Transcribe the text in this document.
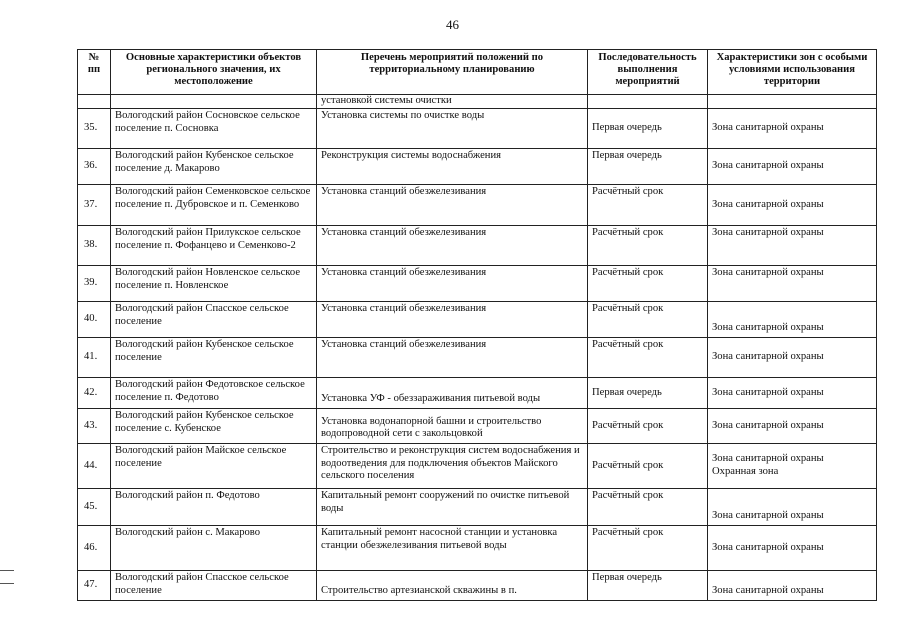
46
№ пп	Основные характеристики объектов регионального значения, их местоположение	Перечень мероприятий положений по территориальному планированию	Последовательность выполнения мероприятий	Характеристики зон с особыми условиями использования территории
		установкой системы очистки		
35.	Вологодский район Сосновское сельское поселение п. Сосновка	Установка системы по очистке воды	Первая очередь	Зона санитарной охраны

36.	Вологодский район Кубенское сельское поселение д. Макарово	Реконструкция системы водоснабжения	Первая очередь	Зона санитарной охраны

37.	Вологодский район Семенковское сельское поселение п. Дубровское и п. Семенково	Установка станций обезжелезивания	Расчётный срок	Зона санитарной охраны

38.	Вологодский район Прилукское сельское поселение п. Фофанцево и Семенково-2	Установка станций обезжелезивания	Расчётный срок	Зона санитарной охраны

39.	Вологодский район Новленское сельское поселение п. Новленское	Установка станций обезжелезивания	Расчётный срок	Зона санитарной охраны

40.	Вологодский район Спасское сельское поселение	Установка станций обезжелезивания	Расчётный срок	Зона санитарной охраны

41.	Вологодский район Кубенское сельское поселение	Установка станций обезжелезивания	Расчётный срок	Зона санитарной охраны

42.	Вологодский район Федотовское сельское поселение п. Федотово	Установка УФ - обеззараживания питьевой воды	Первая очередь	Зона санитарной охраны

43.	Вологодский район Кубенское сельское поселение с. Кубенское	Установка водонапорной башни и строительство водопроводной сети с закольцовкой	Расчётный срок	Зона санитарной охраны

44.	Вологодский район Майское сельское поселение	Строительство и реконструкция систем водоснабжения и водоотведения для подключения объектов Майского сельского поселения	Расчётный срок	Зона санитарной охраны
Охранная зона

45.	Вологодский район п. Федотово	Капитальный ремонт сооружений по очистке питьевой воды	Расчётный срок	Зона санитарной охраны

46.	Вологодский район с. Макарово	Капитальный ремонт насосной станции и установка станции обезжелезивания питьевой воды	Расчётный срок	Зона санитарной охраны

47.	Вологодский район Спасское сельское поселение	Строительство артезианской скважины в п.	Первая очередь	Зона санитарной охраны
